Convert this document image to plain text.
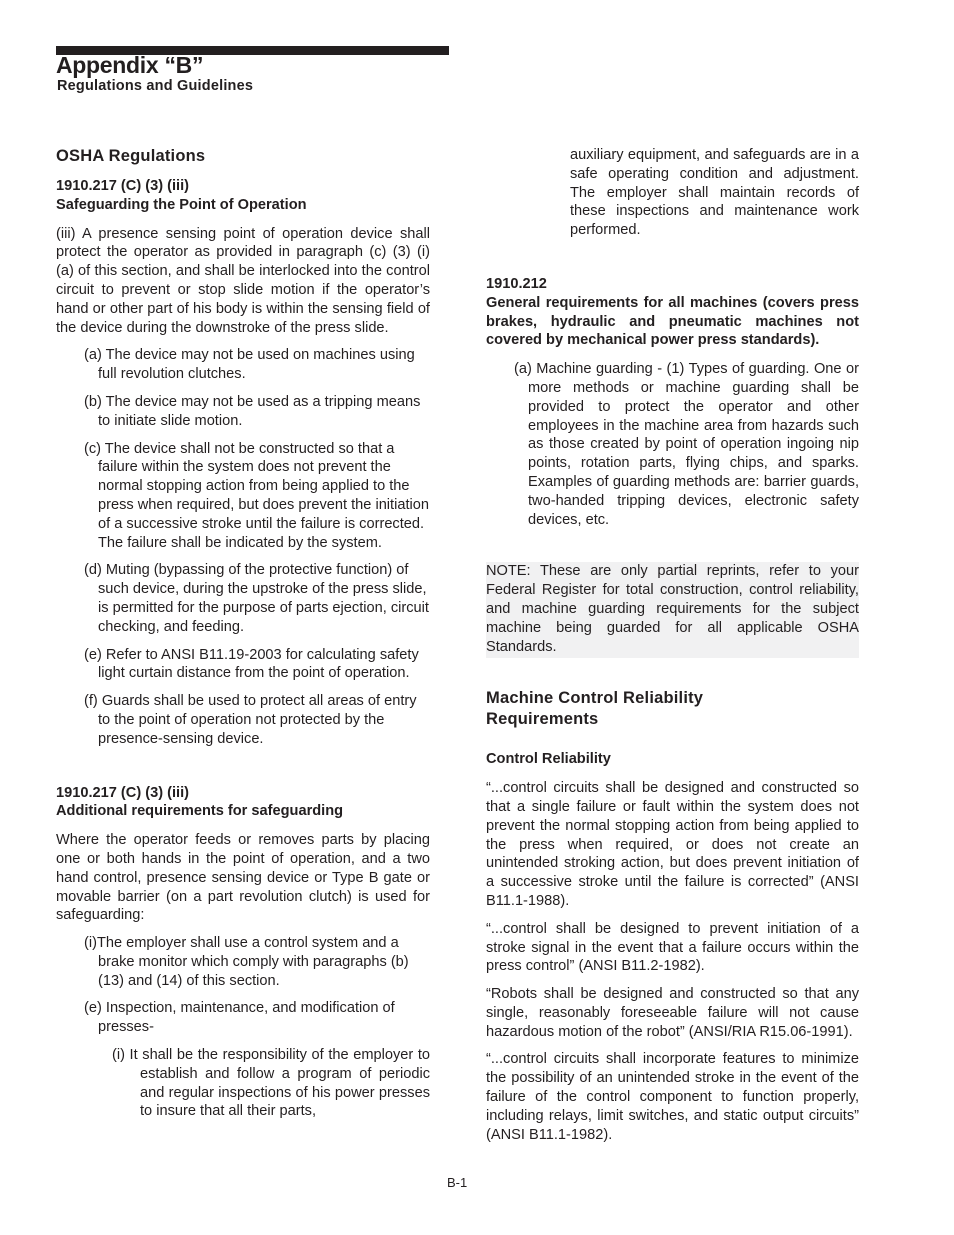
Appendix “B”
Regulations and Guidelines
OSHA Regulations
1910.217 (C) (3) (iii)
Safeguarding the Point of Operation

(iii) A presence sensing point of operation device shall protect the operator as provided in paragraph (c) (3) (i) (a) of this section, and shall be interlocked into the control circuit to prevent or stop slide motion if the operator’s hand or other part of his body is within the sensing field of the device during the downstroke of the press slide.

(a) The device may not be used on machines using full revolution clutches.
(b) The device may not be used as a tripping means to initiate slide motion.
(c) The device shall not be constructed so that a failure within the system does not prevent the normal stopping action from being applied to the press when required, but does prevent the initiation of a successive stroke until the failure is corrected. The failure shall be indicated by the system.
(d) Muting (bypassing of the protective function) of such device, during the upstroke of the press slide, is permitted for the purpose of parts ejection, circuit checking, and feeding.
(e) Refer to ANSI B11.19-2003 for calculating safety light curtain distance from the point of operation.
(f) Guards shall be used to protect all areas of entry to the point of operation not protected by the presence-sensing device.
1910.217 (C) (3) (iii)
Additional requirements for safeguarding

Where the operator feeds or removes parts by placing one or both hands in the point of operation, and a two hand control, presence sensing device or Type B gate or movable barrier (on a part revolution clutch) is used for safeguarding:

(i)The employer shall use a control system and a brake monitor which comply with paragraphs (b) (13) and (14) of this section.
(e) Inspection, maintenance, and modification of presses-
(i) It shall be the responsibility of the employer to establish and follow a program of periodic and regular inspections of his power presses to insure that all their parts,
auxiliary equipment, and safeguards are in a safe operating condition and adjustment. The employer shall maintain records of these inspections and maintenance work performed.
1910.212
General requirements for all machines (covers press brakes, hydraulic and pneumatic machines not covered by mechanical power press standards).
(a) Machine guarding - (1) Types of guarding. One or more methods or machine guarding shall be provided to protect the operator and other employees in the machine area from hazards such as those created by point of operation ingoing nip points, rotation parts, flying chips, and sparks. Examples of guarding methods are: barrier guards, two-handed tripping devices, electronic safety devices, etc.
NOTE: These are only partial reprints, refer to your Federal Register for total construction, control reliability, and machine guarding requirements for the subject machine being guarded for all applicable OSHA Standards.
Machine Control Reliability
Requirements
Control Reliability

“...control circuits shall be designed and constructed so that a single failure or fault within the system does not prevent the normal stopping action from being applied to the press when required, or does not create an unintended stroking action, but does prevent initiation of a successive stroke until the failure is corrected” (ANSI B11.1-1988).

“...control shall be designed to prevent initiation of a stroke signal in the event that a failure occurs within the press control” (ANSI B11.2-1982).

“Robots shall be designed and constructed so that any single, reasonably foreseeable failure will not cause hazardous motion of the robot” (ANSI/RIA R15.06-1991).

“...control circuits shall incorporate features to minimize the possibility of an unintended stroke in the event of the failure of the control component to function properly, including relays, limit switches, and static output circuits” (ANSI B11.1-1982).

B-1
